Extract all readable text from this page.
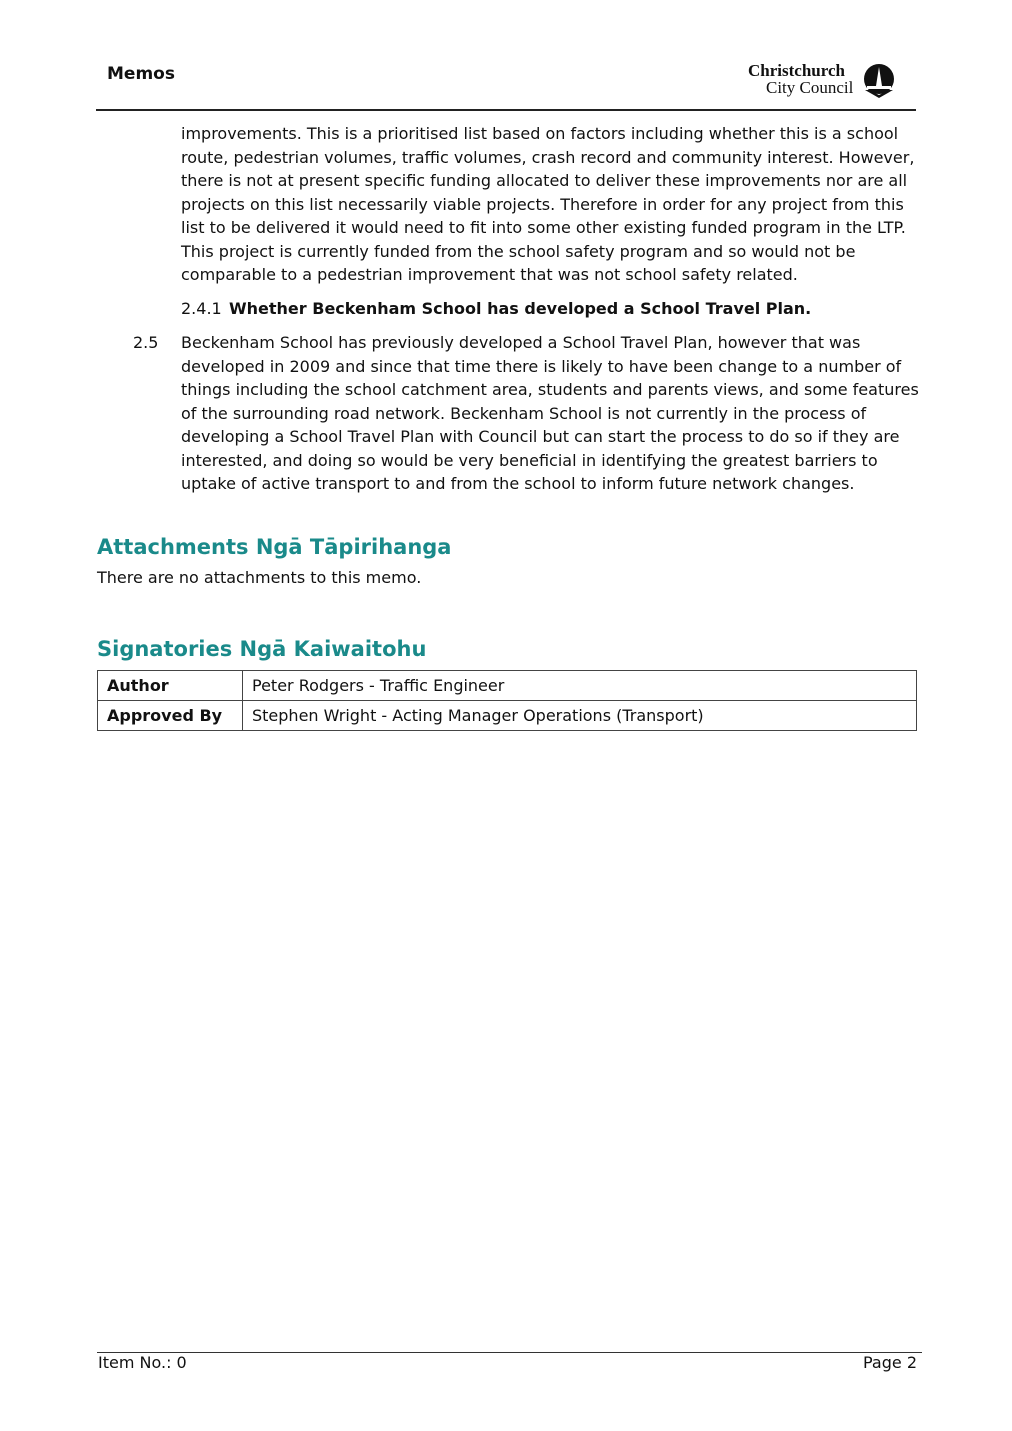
Memos	Christchurch
City Council
improvements. This is a prioritised list based on factors including whether this is a school route, pedestrian volumes, traffic volumes, crash record and community interest. However, there is not at present specific funding allocated to deliver these improvements nor are all projects on this list necessarily viable projects. Therefore in order for any project from this list to be delivered it would need to fit into some other existing funded program in the LTP. This project is currently funded from the school safety program and so would not be comparable to a pedestrian improvement that was not school safety related.
2.4.1 Whether Beckenham School has developed a School Travel Plan.
2.5 Beckenham School has previously developed a School Travel Plan, however that was developed in 2009 and since that time there is likely to have been change to a number of things including the school catchment area, students and parents views, and some features of the surrounding road network. Beckenham School is not currently in the process of developing a School Travel Plan with Council but can start the process to do so if they are interested, and doing so would be very beneficial in identifying the greatest barriers to uptake of active transport to and from the school to inform future network changes.
Attachments Ngā Tāpirihanga
There are no attachments to this memo.
Signatories Ngā Kaiwaitohu
Author	Peter Rodgers - Traffic Engineer
Approved By	Stephen Wright - Acting Manager Operations (Transport)
Item No.: 0	Page 2
